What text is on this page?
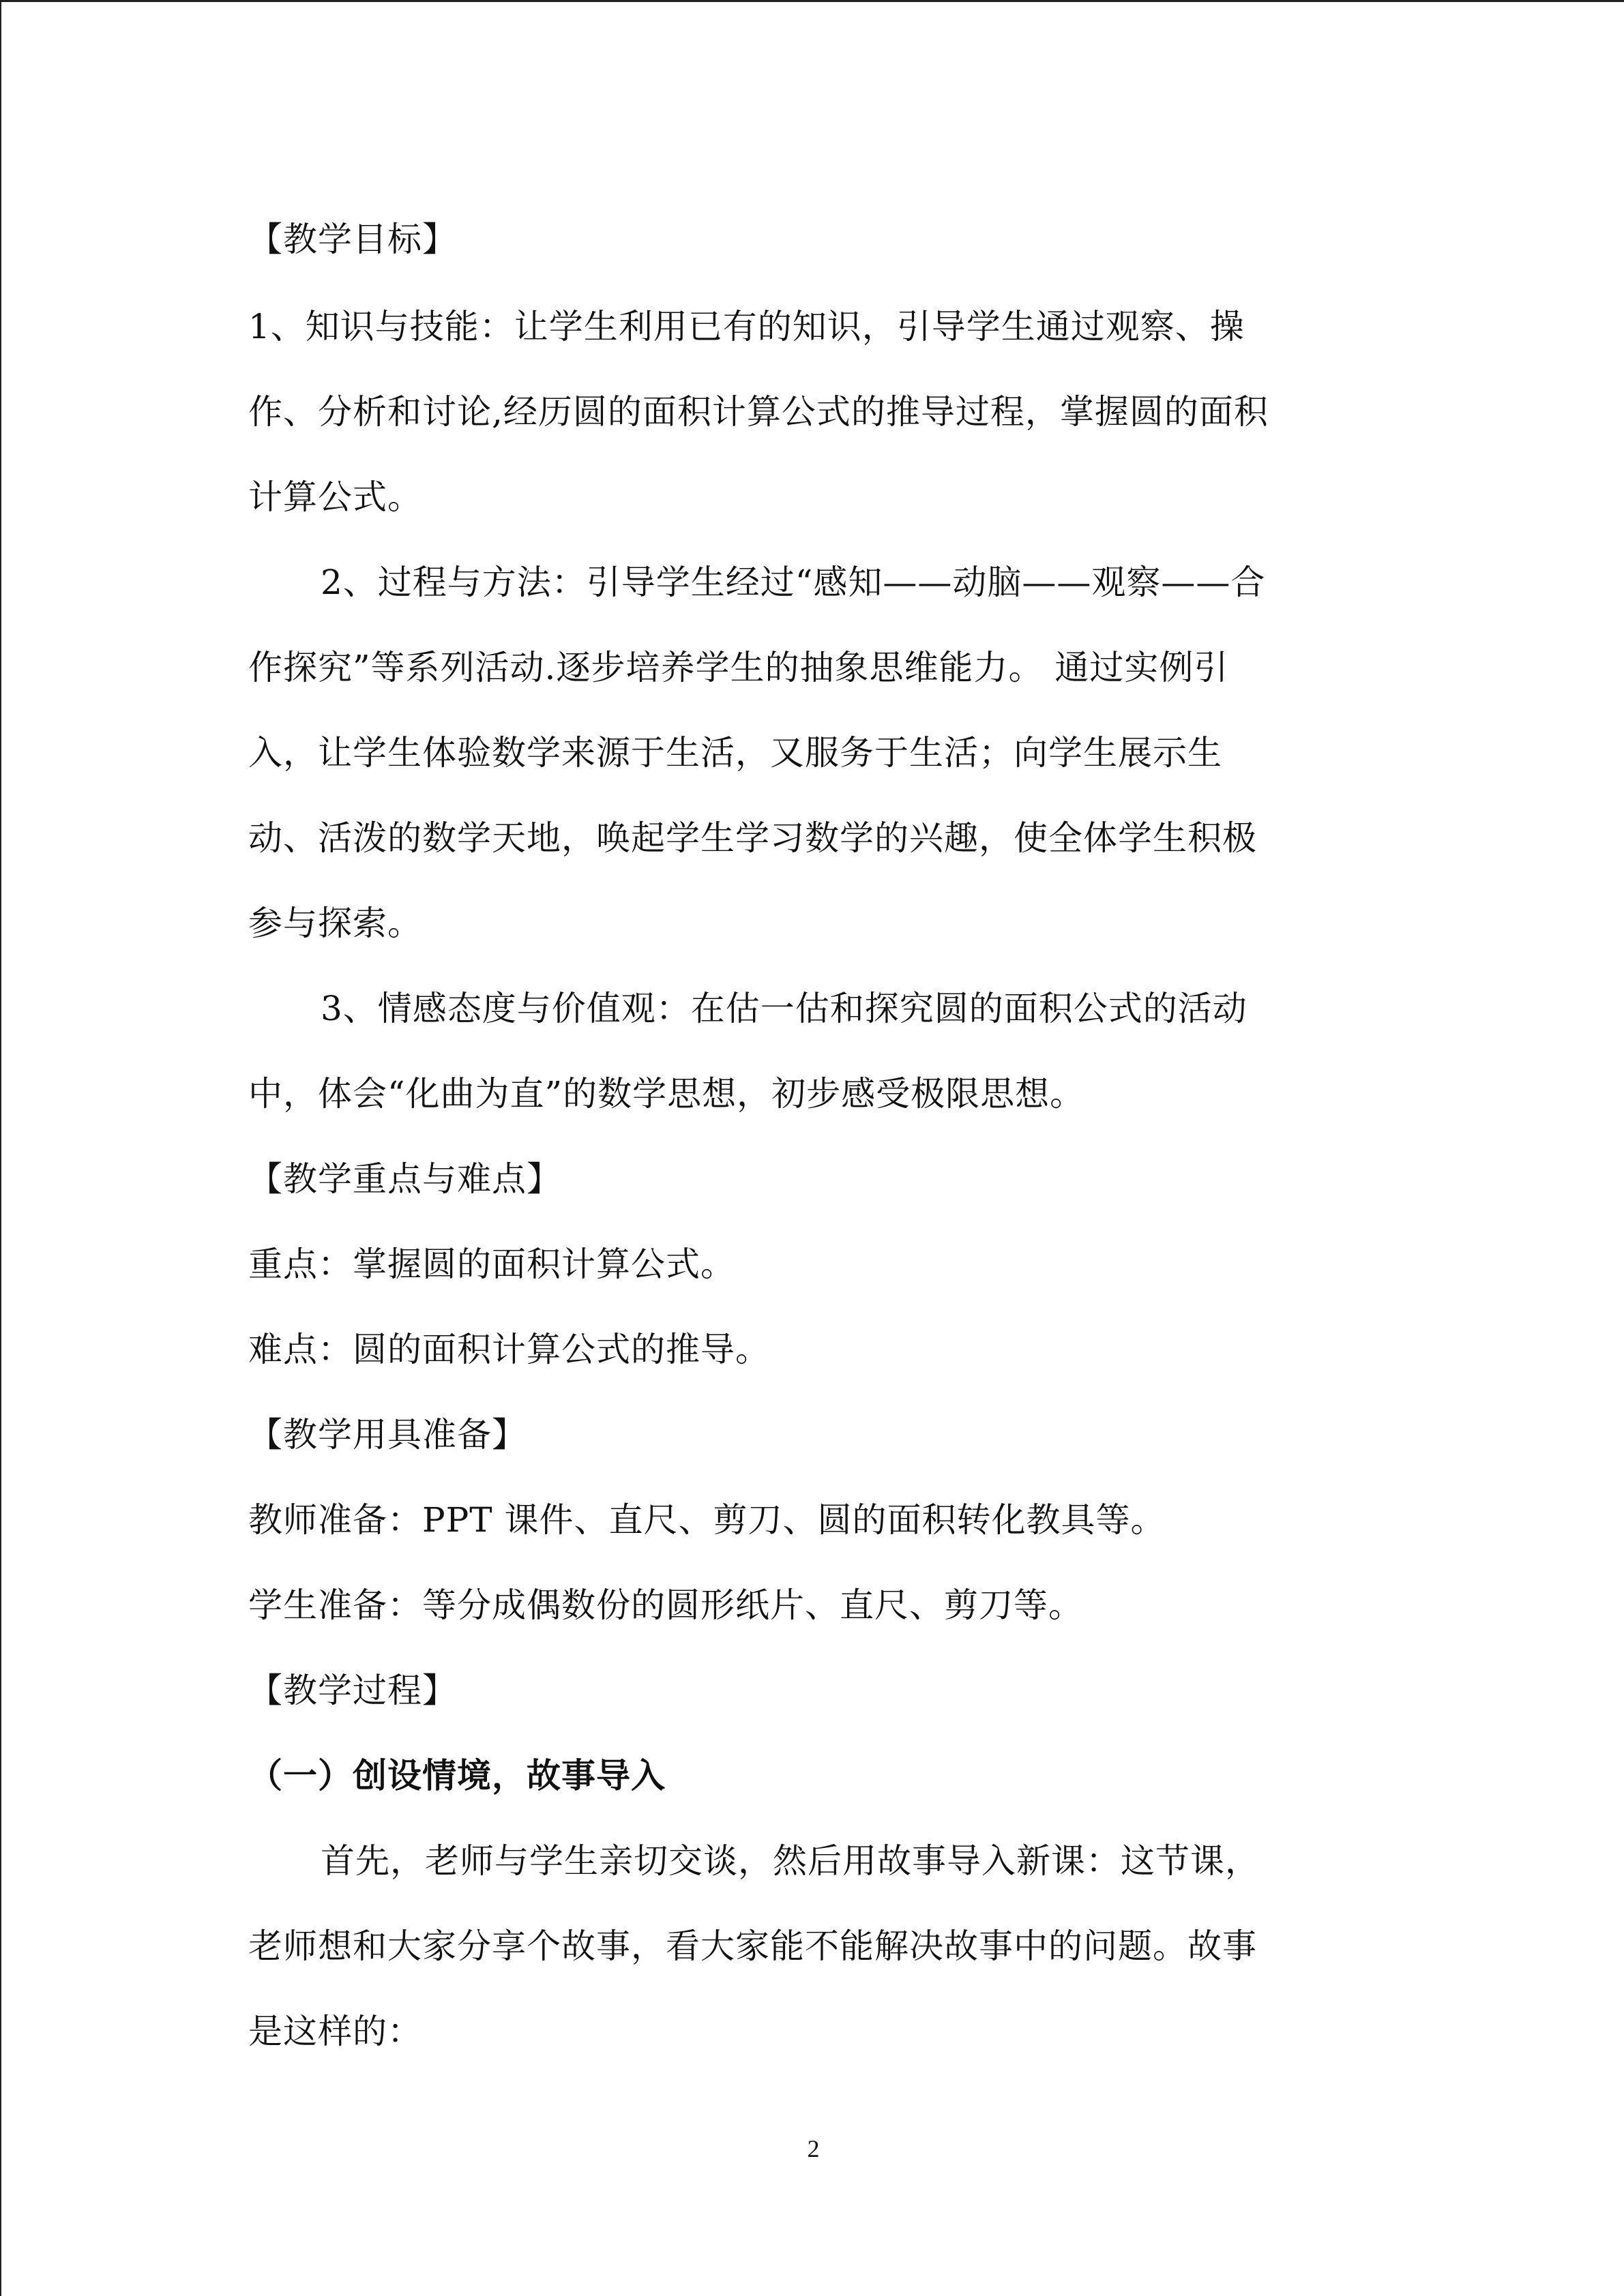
【教学目标】
1、知识与技能：让学生利用已有的知识，引导学生通过观察、操
作、分析和讨论,经历圆的面积计算公式的推导过程，掌握圆的面积
计算公式。
2、过程与方法：引导学生经过“感知——动脑——观察——合
作探究”等系列活动.逐步培养学生的抽象思维能力。 通过实例引
入，让学生体验数学来源于生活，又服务于生活；向学生展示生
动、活泼的数学天地，唤起学生学习数学的兴趣，使全体学生积极
参与探索。
3、情感态度与价值观：在估一估和探究圆的面积公式的活动
中，体会“化曲为直”的数学思想，初步感受极限思想。
【教学重点与难点】
重点：掌握圆的面积计算公式。
难点：圆的面积计算公式的推导。
【教学用具准备】
教师准备：PPT 课件、直尺、剪刀、圆的面积转化教具等。
学生准备：等分成偶数份的圆形纸片、直尺、剪刀等。
【教学过程】
（一）创设情境，故事导入
首先，老师与学生亲切交谈，然后用故事导入新课：这节课，
老师想和大家分享个故事，看大家能不能解决故事中的问题。故事
是这样的：
2
